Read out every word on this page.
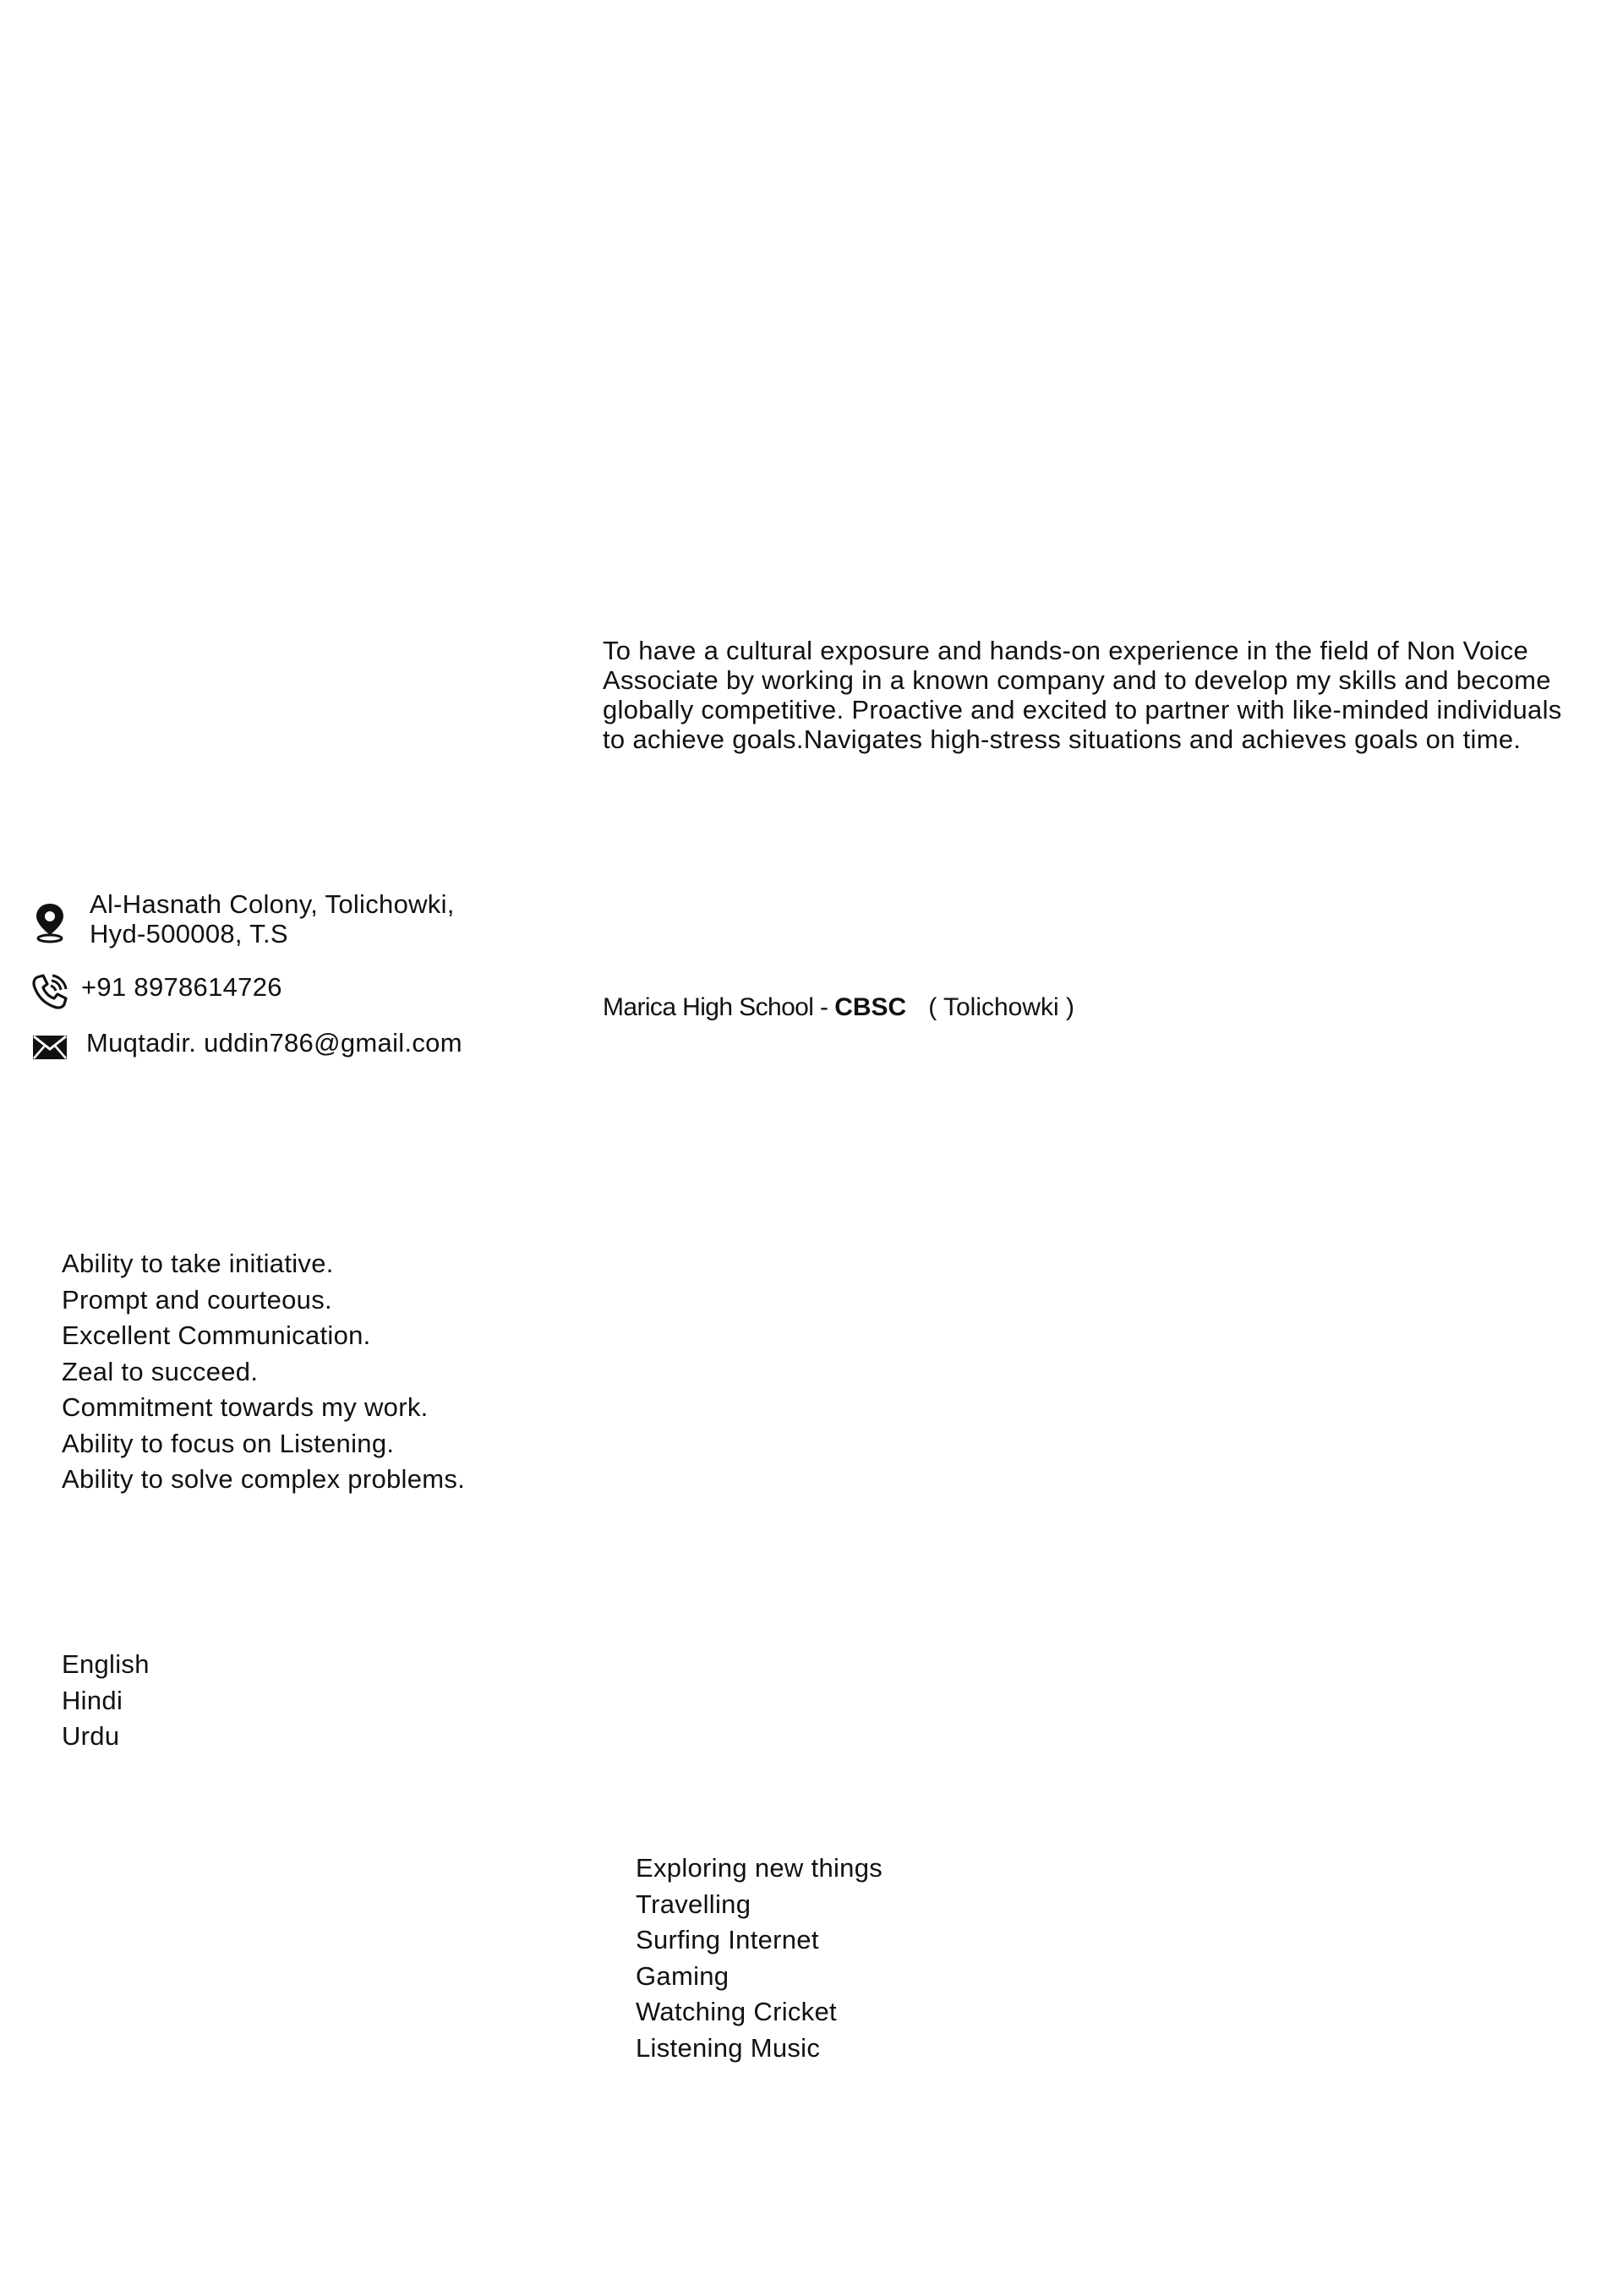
To have a cultural exposure and hands-on experience in the field of Non Voice Associate by working in a known company and to develop my skills and become globally competitive. Proactive and excited to partner with like-minded individuals to achieve goals.Navigates high-stress situations and achieves goals on time.

Al-Hasnath Colony, Tolichowki,
Hyd-500008, T.S
+91 8978614726
Muqtadir. uddin786@gmail.com
Marica High School - CBSC ( Tolichowki )
Ability to take initiative.
Prompt and courteous.
Excellent Communication.
Zeal to succeed.
Commitment towards my work.
Ability to focus on Listening.
Ability to solve complex problems.
English
Hindi
Urdu
Exploring new things
Travelling
Surfing Internet
Gaming
Watching Cricket
Listening Music
